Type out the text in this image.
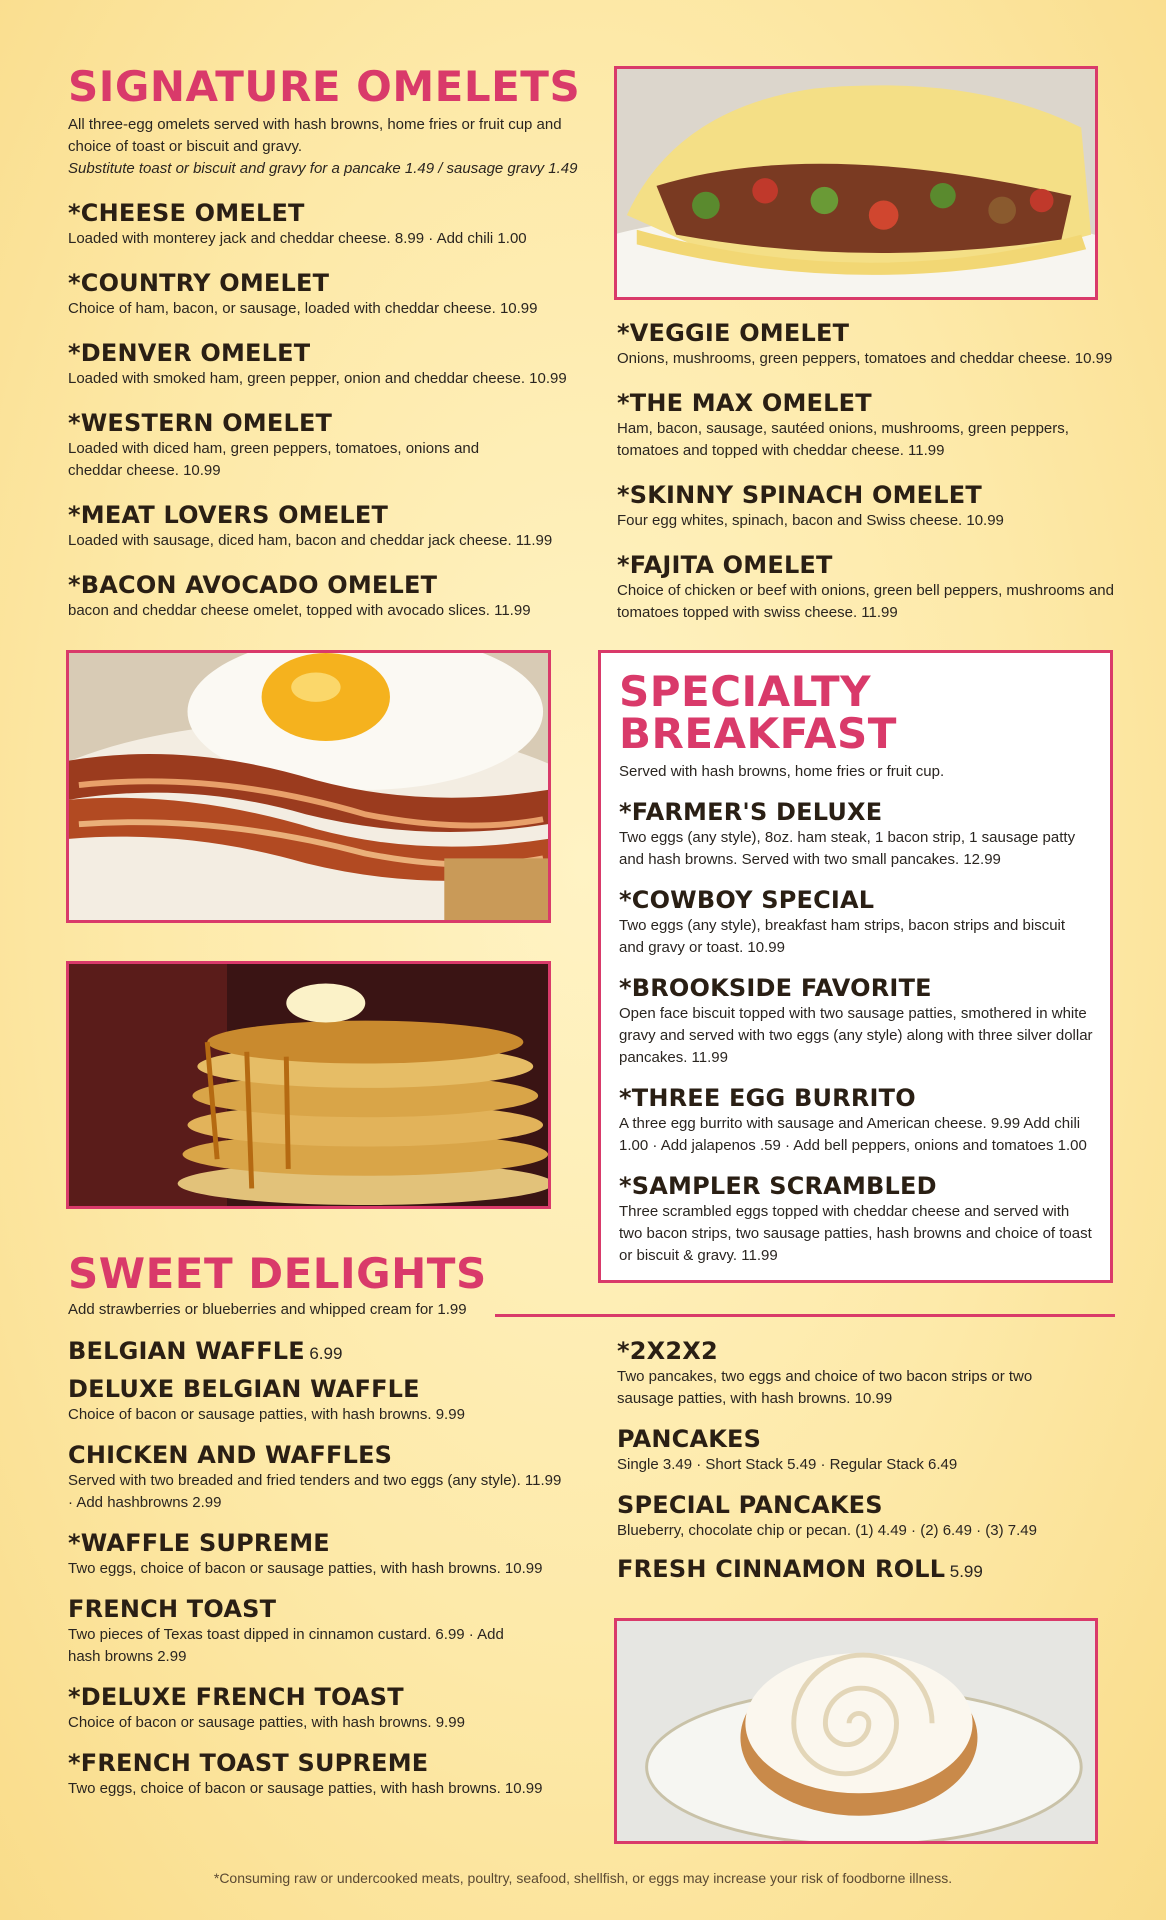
SIGNATURE OMELETS

All three-egg omelets served with hash browns, home fries or fruit cup and choice of toast or biscuit and gravy.

Substitute toast or biscuit and gravy for a pancake 1.49 / sausage gravy 1.49

*CHEESE OMELET
Loaded with monterey jack and cheddar cheese. 8.99 · Add chili 1.00
*COUNTRY OMELET
Choice of ham, bacon, or sausage, loaded with cheddar cheese. 10.99
*DENVER OMELET
Loaded with smoked ham, green pepper, onion and cheddar cheese. 10.99
*WESTERN OMELET
Loaded with diced ham, green peppers, tomatoes, onions and cheddar cheese. 10.99
*MEAT LOVERS OMELET
Loaded with sausage, diced ham, bacon and cheddar jack cheese. 11.99
*BACON AVOCADO OMELET
bacon and cheddar cheese omelet, topped with avocado slices. 11.99
*VEGGIE OMELET
Onions, mushrooms, green peppers, tomatoes and cheddar cheese. 10.99
*THE MAX OMELET
Ham, bacon, sausage, sautéed onions, mushrooms, green peppers, tomatoes and topped with cheddar cheese. 11.99
*SKINNY SPINACH OMELET
Four egg whites, spinach, bacon and Swiss cheese. 10.99
*FAJITA OMELET
Choice of chicken or beef with onions, green bell peppers, mushrooms and tomatoes topped with swiss cheese. 11.99
SPECIALTY BREAKFAST

Served with hash browns, home fries or fruit cup.

*FARMER'S DELUXE
Two eggs (any style), 8oz. ham steak, 1 bacon strip, 1 sausage patty and hash browns. Served with two small pancakes. 12.99
*COWBOY SPECIAL
Two eggs (any style), breakfast ham strips, bacon strips and biscuit and gravy or toast. 10.99
*BROOKSIDE FAVORITE
Open face biscuit topped with two sausage patties, smothered in white gravy and served with two eggs (any style) along with three silver dollar pancakes. 11.99
*THREE EGG BURRITO
A three egg burrito with sausage and American cheese. 9.99 Add chili 1.00 · Add jalapenos .59 · Add bell peppers, onions and tomatoes 1.00
*SAMPLER SCRAMBLED
Three scrambled eggs topped with cheddar cheese and served with two bacon strips, two sausage patties, hash browns and choice of toast or biscuit & gravy. 11.99
SWEET DELIGHTS

Add strawberries or blueberries and whipped cream for 1.99

BELGIAN WAFFLE 6.99
DELUXE BELGIAN WAFFLE
Choice of bacon or sausage patties, with hash browns. 9.99
CHICKEN AND WAFFLES
Served with two breaded and fried tenders and two eggs (any style). 11.99 · Add hashbrowns 2.99
*WAFFLE SUPREME
Two eggs, choice of bacon or sausage patties, with hash browns. 10.99
FRENCH TOAST
Two pieces of Texas toast dipped in cinnamon custard. 6.99 · Add hash browns 2.99
*DELUXE FRENCH TOAST
Choice of bacon or sausage patties, with hash browns. 9.99
*FRENCH TOAST SUPREME
Two eggs, choice of bacon or sausage patties, with hash browns. 10.99
*2X2X2
Two pancakes, two eggs and choice of two bacon strips or two sausage patties, with hash browns. 10.99
PANCAKES
Single 3.49 · Short Stack 5.49 · Regular Stack 6.49
SPECIAL PANCAKES
Blueberry, chocolate chip or pecan. (1) 4.49 · (2) 6.49 · (3) 7.49
FRESH CINNAMON ROLL 5.99
*Consuming raw or undercooked meats, poultry, seafood, shellfish, or eggs may increase your risk of foodborne illness.
